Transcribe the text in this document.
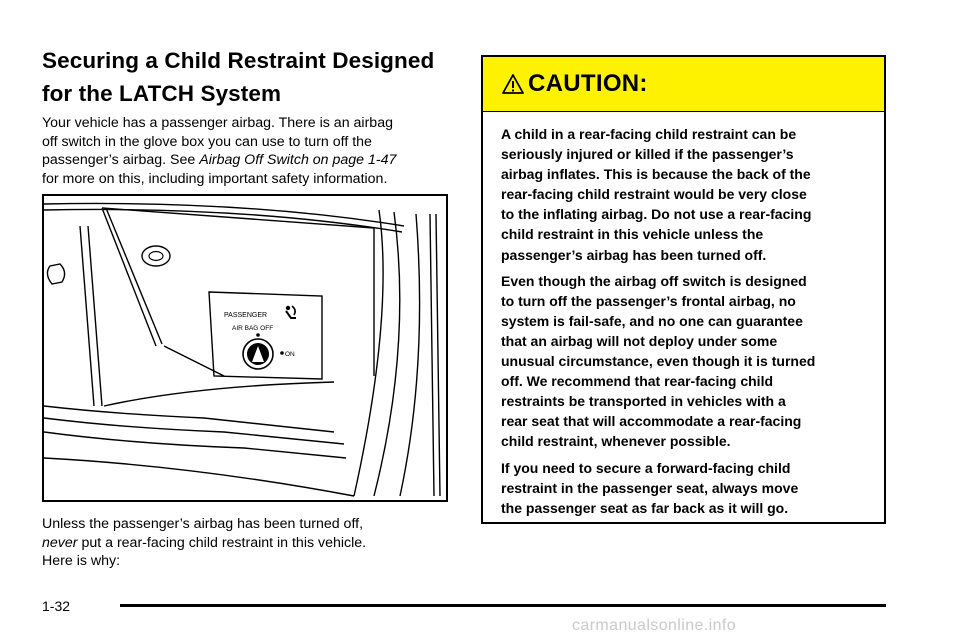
Securing a Child Restraint Designed
for the LATCH System
Your vehicle has a passenger airbag. There is an airbag
off switch in the glove box you can use to turn off the
passenger’s airbag. See Airbag Off Switch on page 1-47
for more on this, including important safety information.
PASSENGER
AIR BAG OFF
ON
Unless the passenger’s airbag has been turned off,
never put a rear-facing child restraint in this vehicle.
Here is why:
CAUTION:

A child in a rear-facing child restraint can be
seriously injured or killed if the passenger’s
airbag inflates. This is because the back of the
rear-facing child restraint would be very close
to the inflating airbag. Do not use a rear-facing
child restraint in this vehicle unless the
passenger’s airbag has been turned off.

Even though the airbag off switch is designed
to turn off the passenger’s frontal airbag, no
system is fail-safe, and no one can guarantee
that an airbag will not deploy under some
unusual circumstance, even though it is turned
off. We recommend that rear-facing child
restraints be transported in vehicles with a
rear seat that will accommodate a rear-facing
child restraint, whenever possible.

If you need to secure a forward-facing child
restraint in the passenger seat, always move
the passenger seat as far back as it will go.

1-32
carmanualsonline.info
